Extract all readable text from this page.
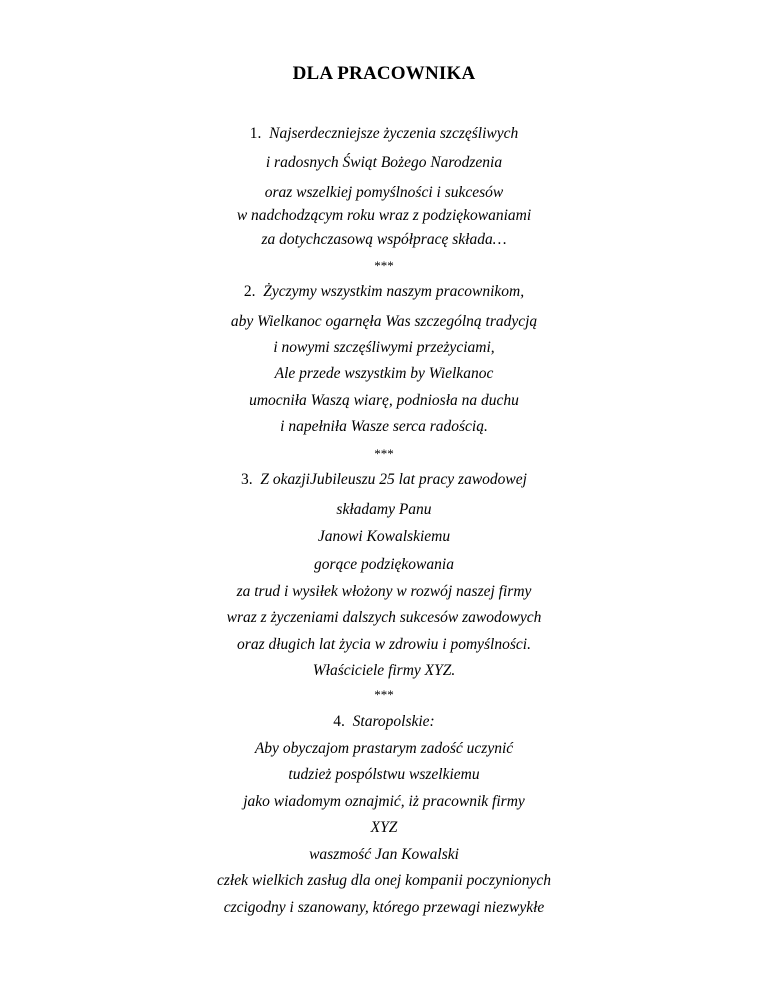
DLA PRACOWNIKA
1. Najserdeczniejsze życzenia szczęśliwych
i radosnych Świąt Bożego Narodzenia
oraz wszelkiej pomyślności i sukcesów
w nadchodzącym roku wraz z podziękowaniami
za dotychczasową współpracę składa…
***
2. Życzymy wszystkim naszym pracownikom,
aby Wielkanoc ogarnęła Was szczególną tradycją
i nowymi szczęśliwymi przeżyciami,
Ale przede wszystkim by Wielkanoc
umocniła Waszą wiarę, podniosła na duchu
i napełniła Wasze serca radością.
***
3. Z okazjiJubileuszu 25 lat pracy zawodowej
składamy Panu
Janowi Kowalskiemu
gorące podziękowania
za trud i wysiłek włożony w rozwój naszej firmy
wraz z życzeniami dalszych sukcesów zawodowych
oraz długich lat życia w zdrowiu i pomyślności.
Właściciele firmy XYZ.
***
4. Staropolskie:
Aby obyczajom prastarym zadość uczynić
tudzież pospólstwu wszelkiemu
jako wiadomym oznajmić, iż pracownik firmy
XYZ
waszmość Jan Kowalski
człek wielkich zasług dla onej kompanii poczynionych
czcigodny i szanowany, którego przewagi niezwykłe
